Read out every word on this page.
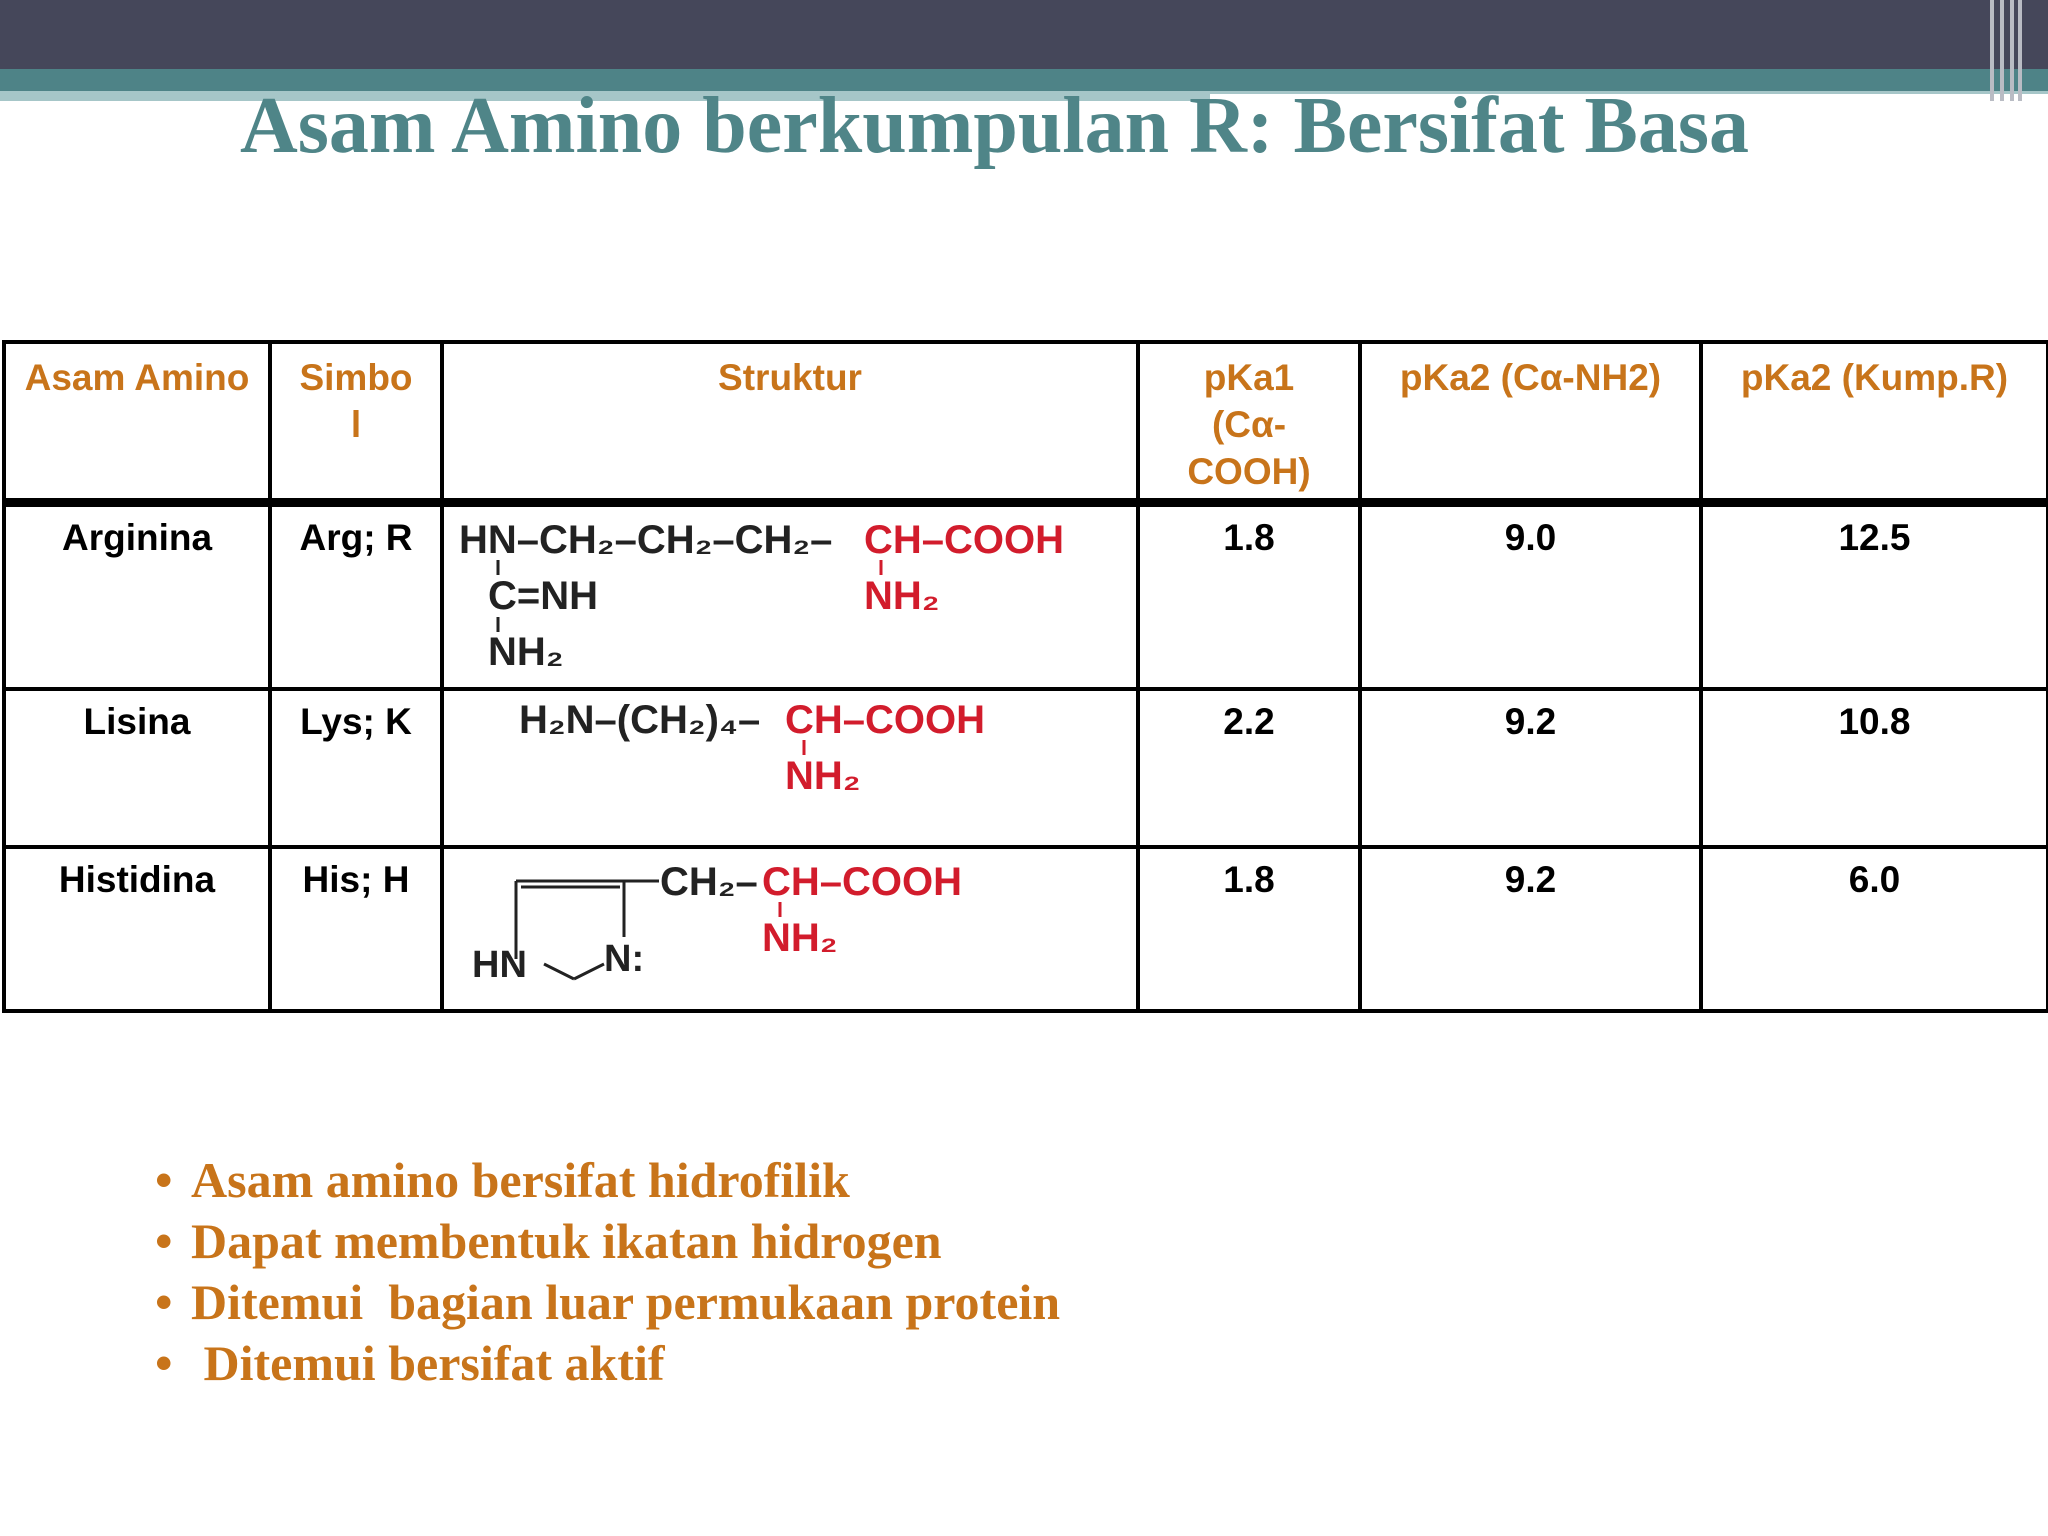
Asam Amino berkumpulan R: Bersifat Basa
Asam Amino	Simbo l	Struktur	pKa1 (Cα-COOH)	pKa2 (Cα-NH2)	pKa2 (Kump.R)
Arginina	Arg; R	HN–CH₂–CH₂–CH₂– CH–COOH
C=NH
NH₂
NH₂	1.8	9.0	12.5
Lisina	Lys; K	H₂N–(CH₂)₄– CH–COOH
NH₂	2.2	9.2	10.8
Histidina	His; H	HN N:
CH₂– CH–COOH
NH₂	1.8	9.2	6.0
• Asam amino bersifat hidrofilik
• Dapat membentuk ikatan hidrogen
• Ditemui  bagian luar permukaan protein
• Ditemui bersifat aktif
